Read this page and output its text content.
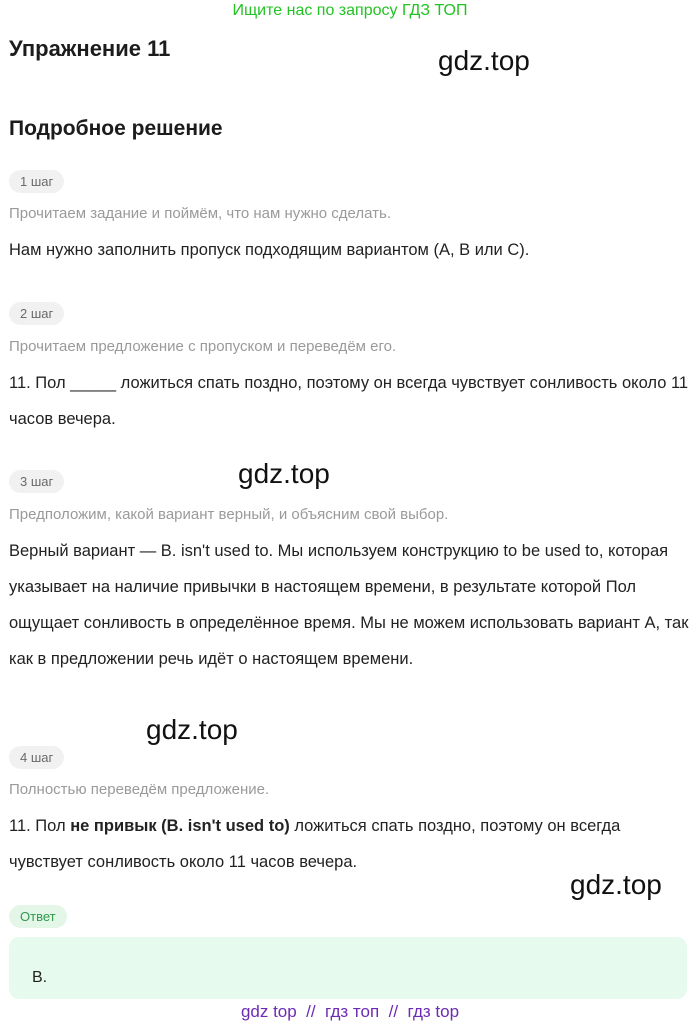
Ищите нас по запросу ГДЗ ТОП
Упражнение 11	gdz.top
Подробное решение
1 шаг
Прочитаем задание и поймём, что нам нужно сделать.
Нам нужно заполнить пропуск подходящим вариантом (A, B или C).
2 шаг
Прочитаем предложение с пропуском и переведём его.
11. Пол _____ ложиться спать поздно, поэтому он всегда чувствует сонливость около 11 часов вечера.
3 шаг	gdz.top
Предположим, какой вариант верный, и объясним свой выбор.
Верный вариант — B. isn't used to. Мы используем конструкцию to be used to, которая указывает на наличие привычки в настоящем времени, в результате которой Пол ощущает сонливость в определённое время. Мы не можем использовать вариант A, так как в предложении речь идёт о настоящем времени.
gdz.top
4 шаг
Полностью переведём предложение.
11. Пол не привык (B. isn't used to) ложиться спать поздно, поэтому он всегда чувствует сонливость около 11 часов вечера.
gdz.top
Ответ
B.
gdz top  //  гдз топ  //  гдз top
